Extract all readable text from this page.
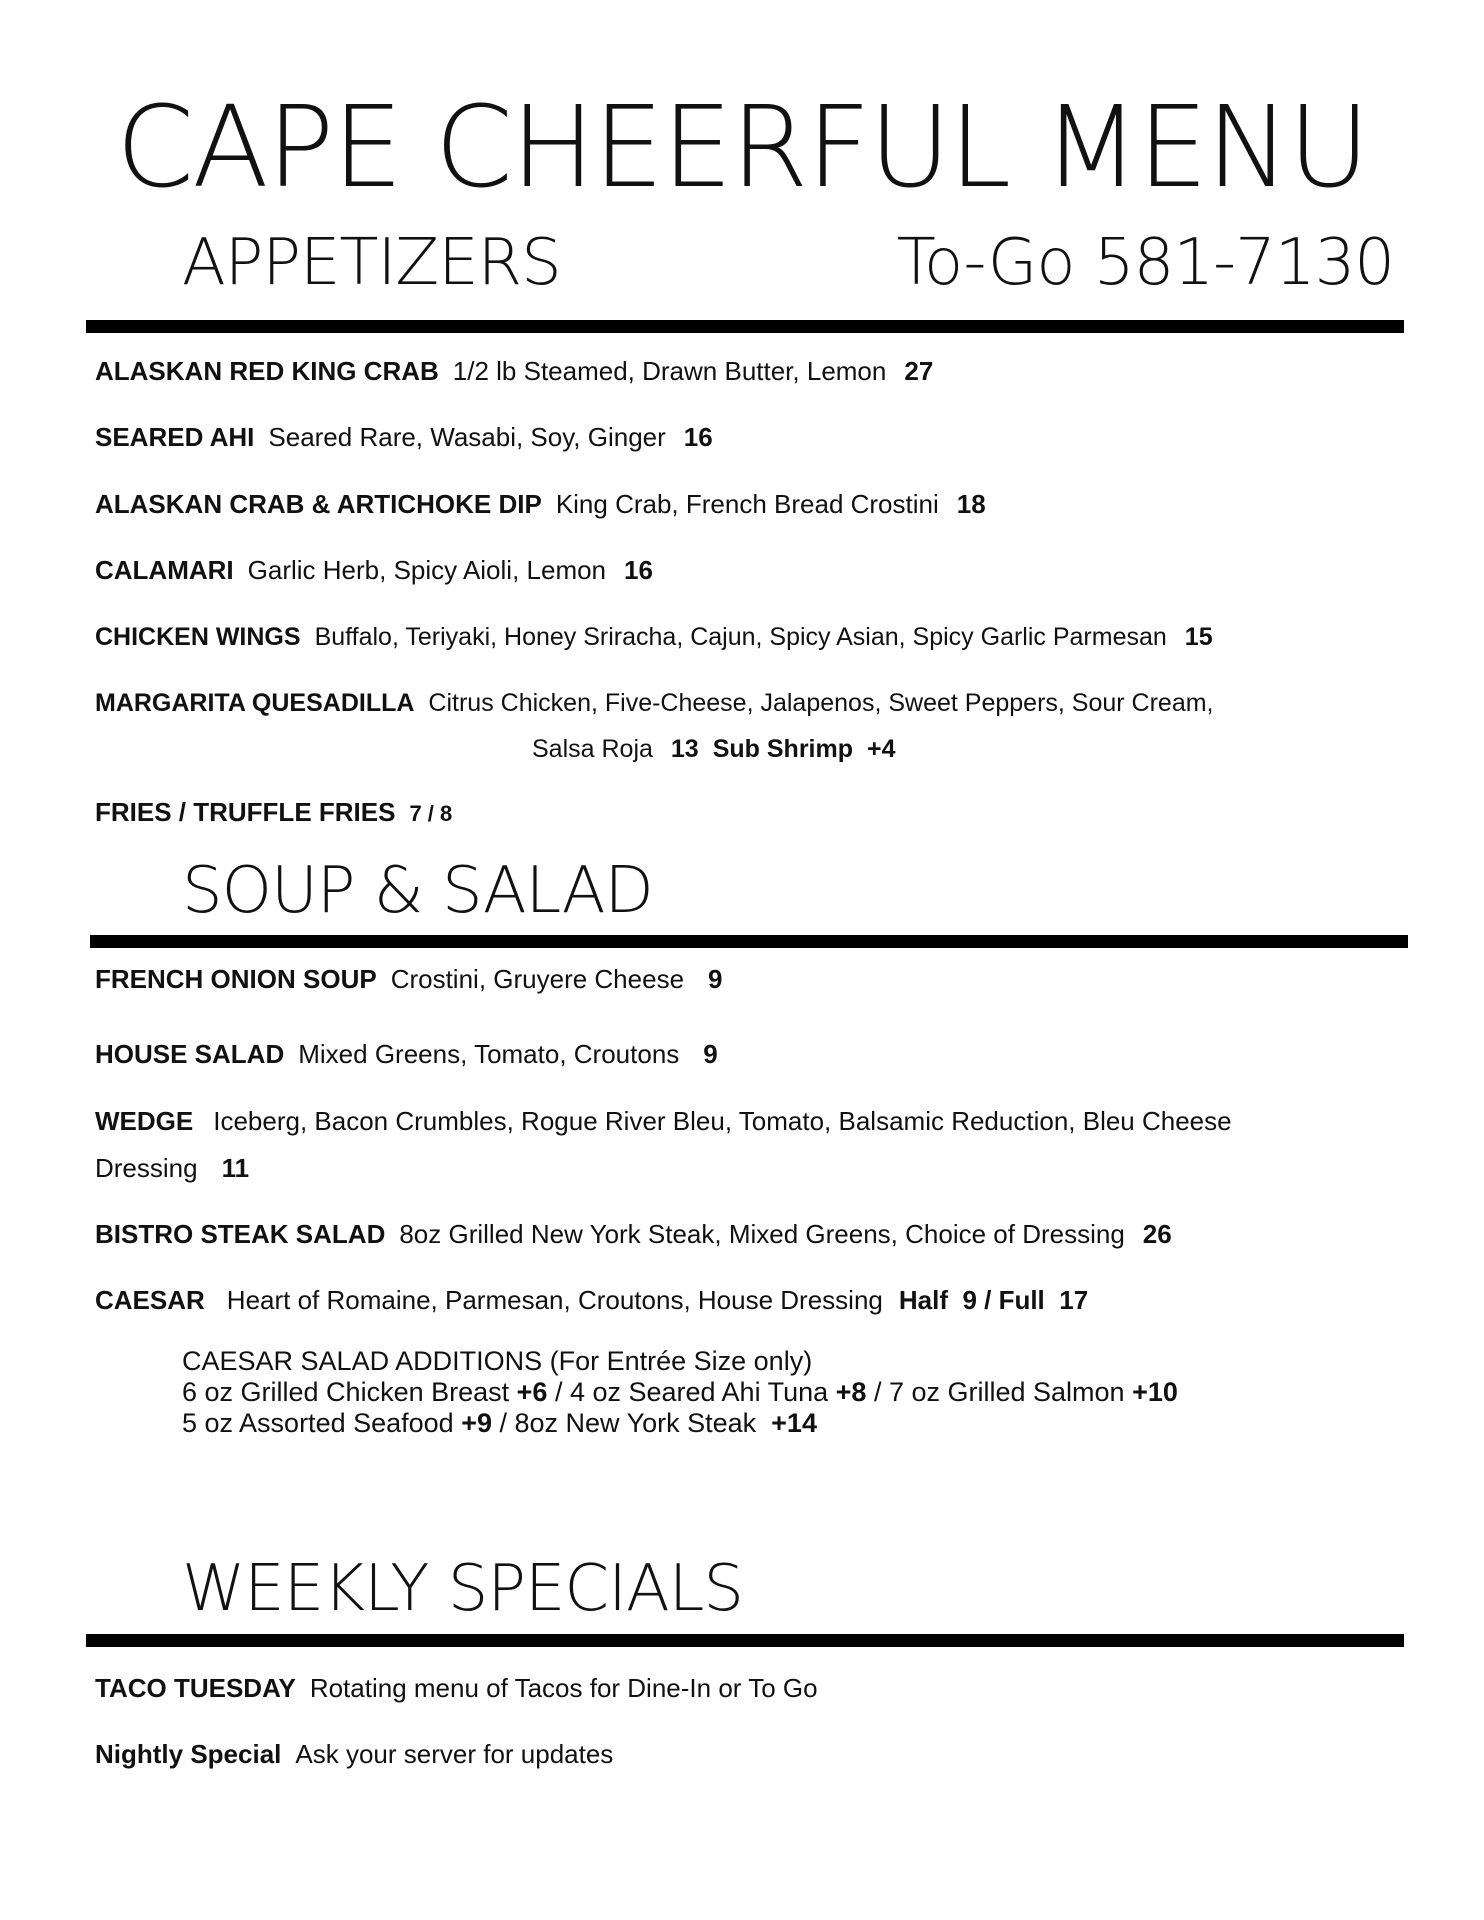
CAPE CHEERFUL MENU
APPETIZERS	To-Go 581-7130
ALASKAN RED KING CRAB 1/2 lb Steamed, Drawn Butter, Lemon 27
SEARED AHI Seared Rare, Wasabi, Soy, Ginger 16
ALASKAN CRAB & ARTICHOKE DIP King Crab, French Bread Crostini 18
CALAMARI Garlic Herb, Spicy Aioli, Lemon 16
CHICKEN WINGS Buffalo, Teriyaki, Honey Sriracha, Cajun, Spicy Asian, Spicy Garlic Parmesan 15
MARGARITA QUESADILLA Citrus Chicken, Five-Cheese, Jalapenos, Sweet Peppers, Sour Cream,
Salsa Roja 13 Sub Shrimp +4
FRIES / TRUFFLE FRIES 7 / 8
SOUP & SALAD
FRENCH ONION SOUP Crostini, Gruyere Cheese 9
HOUSE SALAD Mixed Greens, Tomato, Croutons 9
WEDGE Iceberg, Bacon Crumbles, Rogue River Bleu, Tomato, Balsamic Reduction, Bleu Cheese
Dressing 11
BISTRO STEAK SALAD 8oz Grilled New York Steak, Mixed Greens, Choice of Dressing 26
CAESAR Heart of Romaine, Parmesan, Croutons, House Dressing Half  9 / Full  17
CAESAR SALAD ADDITIONS (For Entrée Size only)
6 oz Grilled Chicken Breast +6 / 4 oz Seared Ahi Tuna +8 / 7 oz Grilled Salmon +10
5 oz Assorted Seafood +9 / 8oz New York Steak  +14
WEEKLY SPECIALS
TACO TUESDAY Rotating menu of Tacos for Dine-In or To Go
Nightly Special Ask your server for updates
